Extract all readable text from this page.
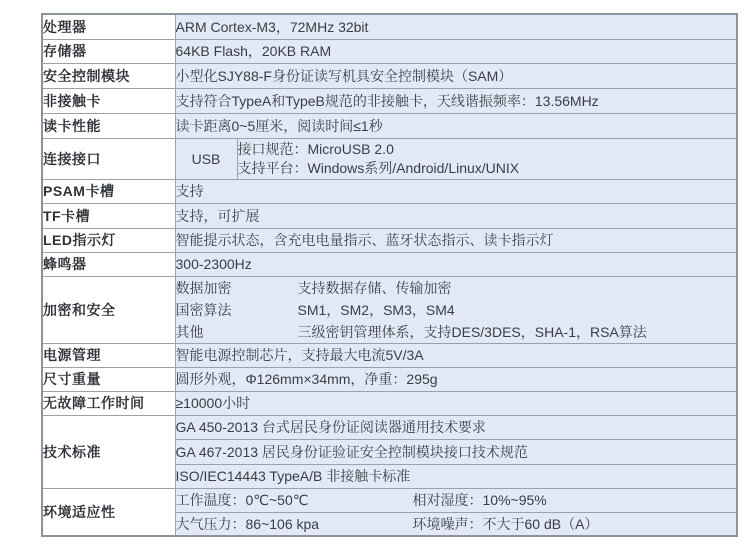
处理器	ARM Cortex-M3，72MHz 32bit	
存储器	64KB Flash，20KB RAM	
安全控制模块	小型化SJY88-F身份证读写机具安全控制模块（SAM）	
非接触卡	支持符合TypeA和TypeB规范的非接触卡，天线谐振频率：13.56MHz	
读卡性能	读卡距离0~5厘米，阅读时间≤1秒	
连接接口	USB	接口规范：MicroUSB 2.0
支持平台：Windows系列/Android/Linux/UNIX

PSAM卡槽	支持	
TF卡槽	支持，可扩展	
LED指示灯	智能提示状态，含充电电量指示、蓝牙状态指示、读卡指示灯	
蜂鸣器	300-2300Hz	
加密和安全	
数据加密	支持数据存储、传输加密
国密算法	SM1，SM2，SM3，SM4
其他	三级密钥管理体系，支持DES/3DES，SHA-1，RSA算法

电源管理	智能电源控制芯片，支持最大电流5V/3A	
尺寸重量	圆形外观，Φ126mm×34mm，净重：295g	
无故障工作时间	≥10000小时	
技术标准	GA 450-2013 台式居民身份证阅读器通用技术要求	
	GA 467-2013 居民身份证验证安全控制模块接口技术规范	
	ISO/IEC14443 TypeA/B 非接触卡标准	
环境适应性	工作温度：0℃~50℃ 相对湿度：10%~95%	

	大气压力：86~106 kpa 环境噪声：不大于60 dB（A）	
